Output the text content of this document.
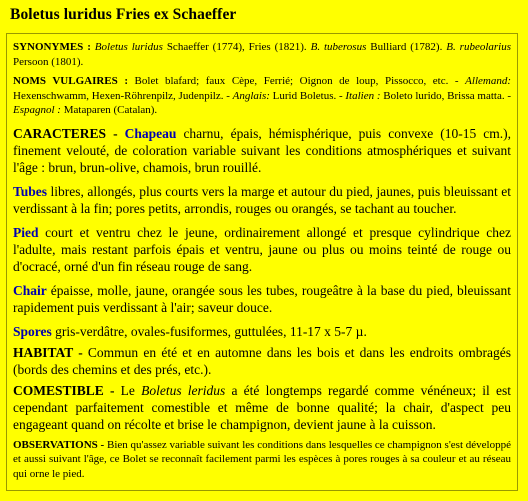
Boletus luridus Fries ex Schaeffer

SYNONYMES : Boletus luridus Schaeffer (1774), Fries (1821). B. tuberosus Bulliard (1782). B. rubeolarius Persoon (1801).

NOMS VULGAIRES : Bolet blafard; faux Cèpe, Ferrié; Oignon de loup, Pissocco, etc. - Allemand: Hexenschwamm, Hexen-Röhrenpilz, Judenpilz. - Anglais: Lurid Boletus. - Italien : Boleto lurido, Brissa matta. - Espagnol : Mataparen (Catalan).

CARACTERES - Chapeau charnu, épais, hémisphérique, puis convexe (10-15 cm.), finement velouté, de coloration variable suivant les conditions atmosphériques et suivant l'âge : brun, brun-olive, chamois, brun rouillé.

Tubes libres, allongés, plus courts vers la marge et autour du pied, jaunes, puis bleuissant et verdissant à la fin; pores petits, arrondis, rouges ou orangés, se tachant au toucher.

Pied court et ventru chez le jeune, ordinairement allongé et presque cylindrique chez l'adulte, mais restant parfois épais et ventru, jaune ou plus ou moins teinté de rouge ou d'ocracé, orné d'un fin réseau rouge de sang.

Chair épaisse, molle, jaune, orangée sous les tubes, rougeâtre à la base du pied, bleuissant rapidement puis verdissant à l'air; saveur douce.

Spores gris-verdâtre, ovales-fusiformes, guttulées, 11-17 x 5-7 µ.

HABITAT - Commun en été et en automne dans les bois et dans les endroits ombragés (bords des chemins et des prés, etc.).

COMESTIBLE - Le Boletus leridus a été longtemps regardé comme vénéneux; il est cependant parfaitement comestible et même de bonne qualité; la chair, d'aspect peu engageant quand on récolte et brise le champignon, devient jaune à la cuisson.

OBSERVATIONS - Bien qu'assez variable suivant les conditions dans lesquelles ce champignon s'est développé et aussi suivant l'âge, ce Bolet se reconnaît facilement parmi les espèces à pores rouges à sa couleur et au réseau qui orne le pied.
